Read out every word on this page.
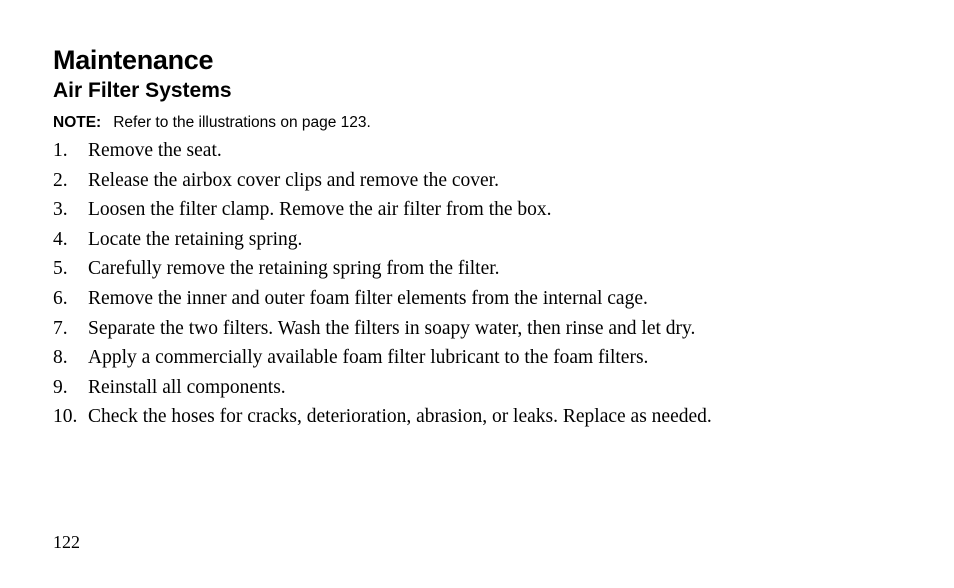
Maintenance
Air Filter Systems

NOTE: Refer to the illustrations on page 123.

1.	Remove the seat.
2.	Release the airbox cover clips and remove the cover.
3.	Loosen the filter clamp. Remove the air filter from the box.
4.	Locate the retaining spring.
5.	Carefully remove the retaining spring from the filter.
6.	Remove the inner and outer foam filter elements from the internal cage.
7.	Separate the two filters. Wash the filters in soapy water, then rinse and let dry.
8.	Apply a commercially available foam filter lubricant to the foam filters.
9.	Reinstall all components.
10. Check the hoses for cracks, deterioration, abrasion, or leaks. Replace as needed.
122
